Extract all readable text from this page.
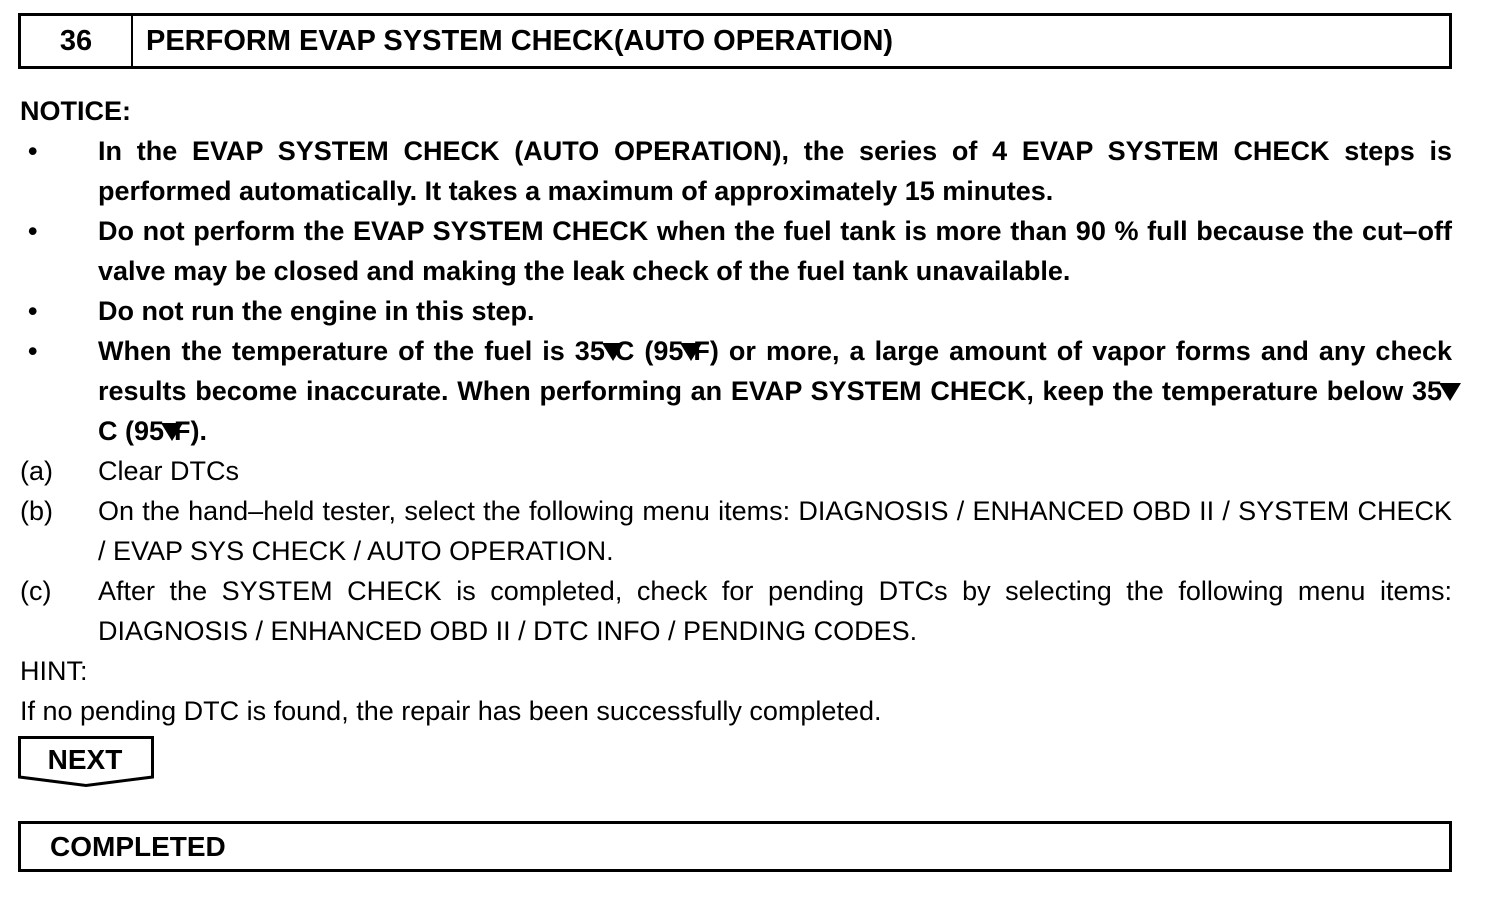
36	PERFORM EVAP SYSTEM CHECK(AUTO OPERATION)
NOTICE:
•	In the EVAP SYSTEM CHECK (AUTO OPERATION), the series of 4 EVAP SYSTEM CHECK steps is performed automatically. It takes a maximum of approximately 15 minutes.
•	Do not perform the EVAP SYSTEM CHECK when the fuel tank is more than 90 % full because the cut–off valve may be closed and making the leak check of the fuel tank unavailable.
•	Do not run the engine in this step.
•	When the temperature of the fuel is 35 C (95 F) or more, a large amount of vapor forms and any check results become inaccurate. When performing an EVAP SYSTEM CHECK, keep the temperature below 35C (95 F).
(a)	Clear DTCs
(b)	On the hand–held tester, select the following menu items: DIAGNOSIS / ENHANCED OBD II / SYSTEM CHECK / EVAP SYS CHECK / AUTO OPERATION.
(c)	After the SYSTEM CHECK is completed, check for pending DTCs by selecting the following menu items: DIAGNOSIS / ENHANCED OBD II / DTC INFO / PENDING CODES.
HINT:
If no pending DTC is found, the repair has been successfully completed.
NEXT
COMPLETED
